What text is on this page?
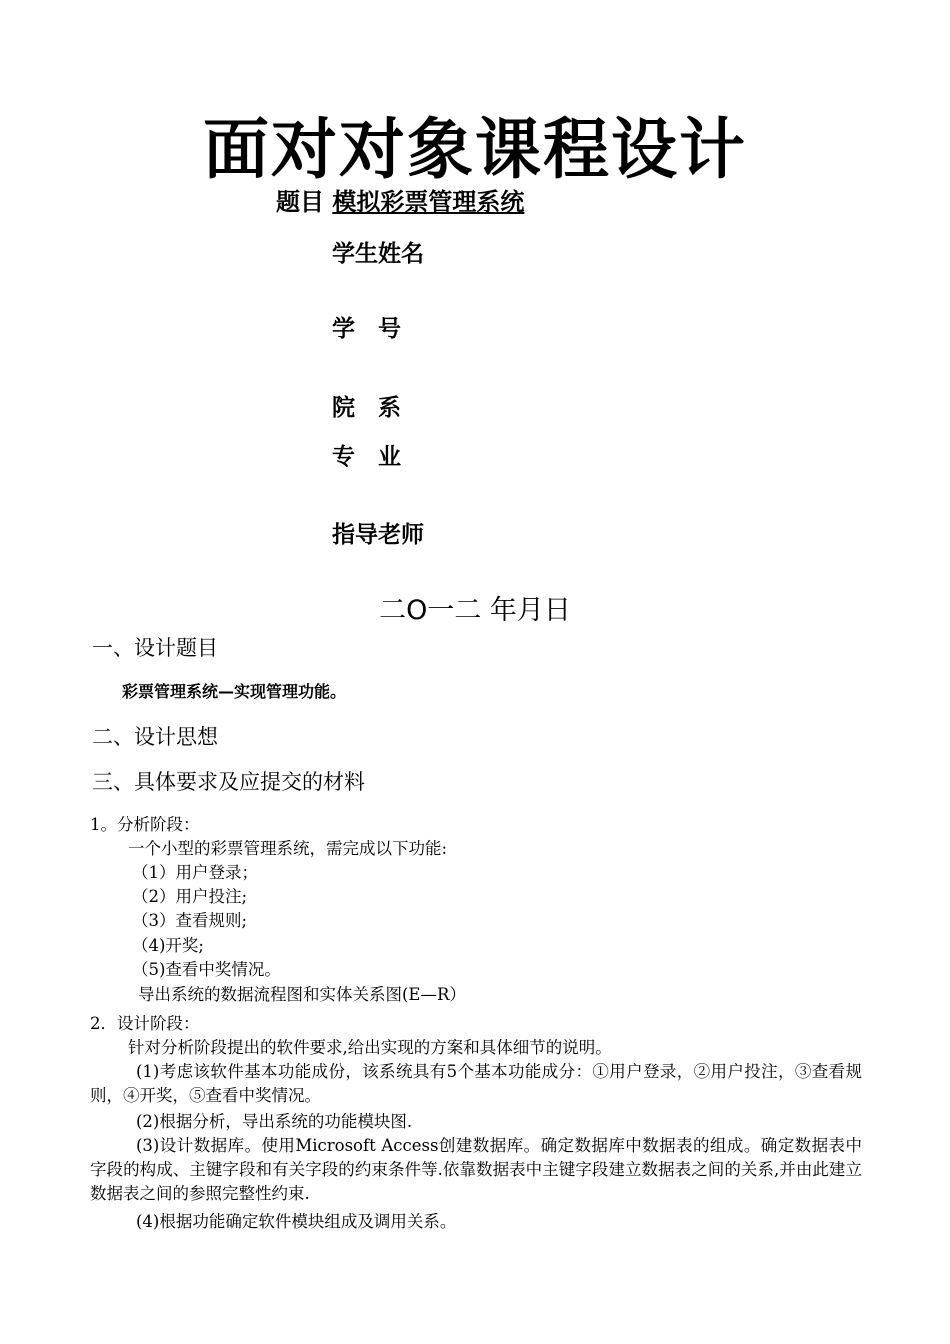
面对对象课程设计
题目 模拟彩票管理系统
学生姓名
学　号
院　系
专　业
指导老师
二O一二 年月日
一、设计题目
彩票管理系统—实现管理功能。
二、设计思想
三、具体要求及应提交的材料
1。分析阶段：
一个小型的彩票管理系统，需完成以下功能:
（1）用户登录；
（2）用户投注;
（3）查看规则;
（4)开奖;
（5)查看中奖情况。
导出系统的数据流程图和实体关系图(E—R）
2．设计阶段：
针对分析阶段提出的软件要求,给出实现的方案和具体细节的说明。
(1)考虑该软件基本功能成份，该系统具有5个基本功能成分：①用户登录，②用户投注，③查看规则，④开奖，⑤查看中奖情况。
(2)根据分析，导出系统的功能模块图.
(3)设计数据库。使用Microsoft Access创建数据库。确定数据库中数据表的组成。确定数据表中字段的构成、主键字段和有关字段的约束条件等.依靠数据表中主键字段建立数据表之间的关系,并由此建立数据表之间的参照完整性约束.
(4)根据功能确定软件模块组成及调用关系。
